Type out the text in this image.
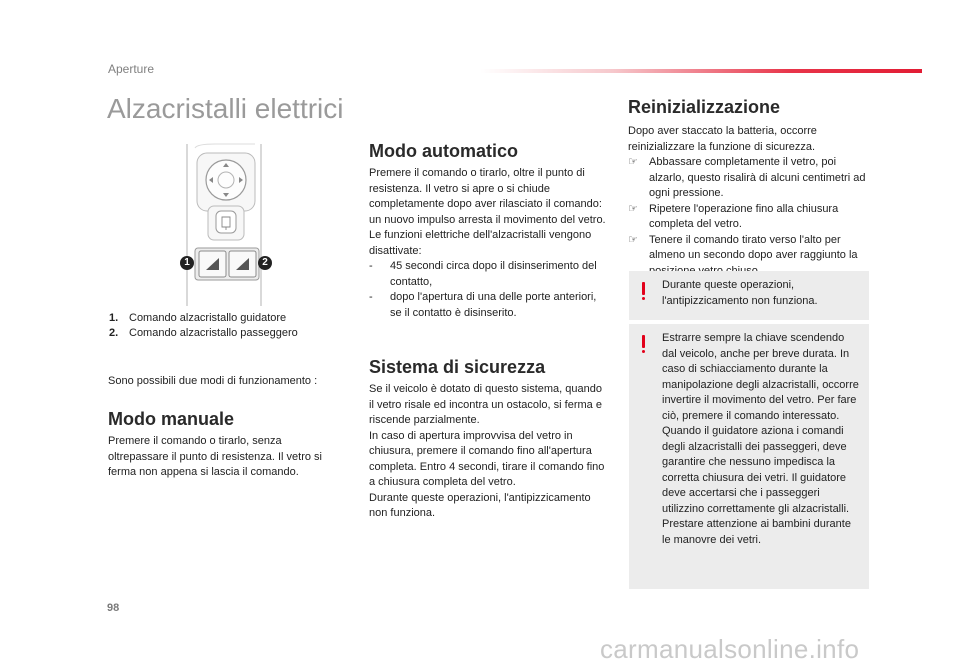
Aperture
Alzacristalli elettrici
1	2
1. Comando alzacristallo guidatore
2. Comando alzacristallo passeggero
Sono possibili due modi di funzionamento :
Modo manuale
Premere il comando o tirarlo, senza oltrepassare il punto di resistenza. Il vetro si ferma non appena si lascia il comando.
Modo automatico

Premere il comando o tirarlo, oltre il punto di resistenza. Il vetro si apre o si chiude completamente dopo aver rilasciato il comando: un nuovo impulso arresta il movimento del vetro.

Le funzioni elettriche dell'alzacristalli vengono disattivate:

-	45 secondi circa dopo il disinserimento del contatto,
-	dopo l'apertura di una delle porte anteriori, se il contatto è disinserito.
Sistema di sicurezza

Se il veicolo è dotato di questo sistema, quando il vetro risale ed incontra un ostacolo, si ferma e riscende parzialmente.

In caso di apertura improvvisa del vetro in chiusura, premere il comando fino all'apertura completa. Entro 4 secondi, tirare il comando fino a chiusura completa del vetro.

Durante queste operazioni, l'antipizzicamento non funziona.

Reinizializzazione

Dopo aver staccato la batteria, occorre reinizializzare la funzione di sicurezza.

☞	Abbassare completamente il vetro, poi alzarlo, questo risalirà di alcuni centimetri ad ogni pressione.
☞	Ripetere l'operazione fino alla chiusura completa del vetro.
☞	Tenere il comando tirato verso l'alto per almeno un secondo dopo aver raggiunto la
Durante queste operazioni, l'antipizzicamento non funziona.
Estrarre sempre la chiave scendendo dal veicolo, anche per breve durata. In caso di schiacciamento durante la manipolazione degli alzacristalli, occorre invertire il movimento del vetro. Per fare ciò, premere il comando interessato. Quando il guidatore aziona i comandi degli alzacristalli dei passeggeri, deve garantire che nessuno impedisca la corretta chiusura dei vetri. Il guidatore deve accertarsi che i passeggeri utilizzino correttamente gli alzacristalli. Prestare attenzione ai bambini durante le manovre dei vetri.
98
carmanualsonline.info
